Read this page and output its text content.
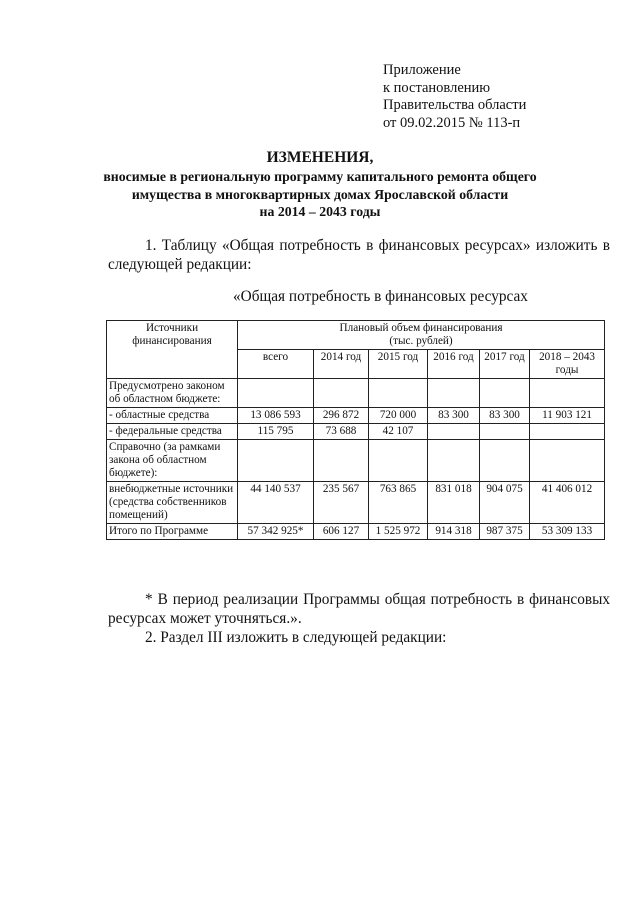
Приложение
к постановлению
Правительства области
от 09.02.2015 № 113-п
ИЗМЕНЕНИЯ,
вносимые в региональную программу капитального ремонта общего
имущества в многоквартирных домах Ярославской области
на 2014 – 2043 годы
1. Таблицу «Общая потребность в финансовых ресурсах» изложить в следующей редакции:
«Общая потребность в финансовых ресурсах
Источники финансирования	Плановый объем финансирования
(тыс. рублей)					

	всего	2014 год	2015 год	2016 год	2017 год	2018 – 2043 годы
Предусмотрено законом об областном бюджете:						
- областные средства	13 086 593	296 872	720 000	83 300	83 300	11 903 121
- федеральные средства	115 795	73 688	42 107			
Справочно (за рамками закона об областном бюджете):						
внебюджетные источники (средства собственников помещений)	44 140 537	235 567	763 865	831 018	904 075	41 406 012
Итого по Программе	57 342 925*	606 127	1 525 972	914 318	987 375	53 309 133
* В период реализации Программы общая потребность в финансовых ресурсах может уточняться.».
2. Раздел III изложить в следующей редакции:
